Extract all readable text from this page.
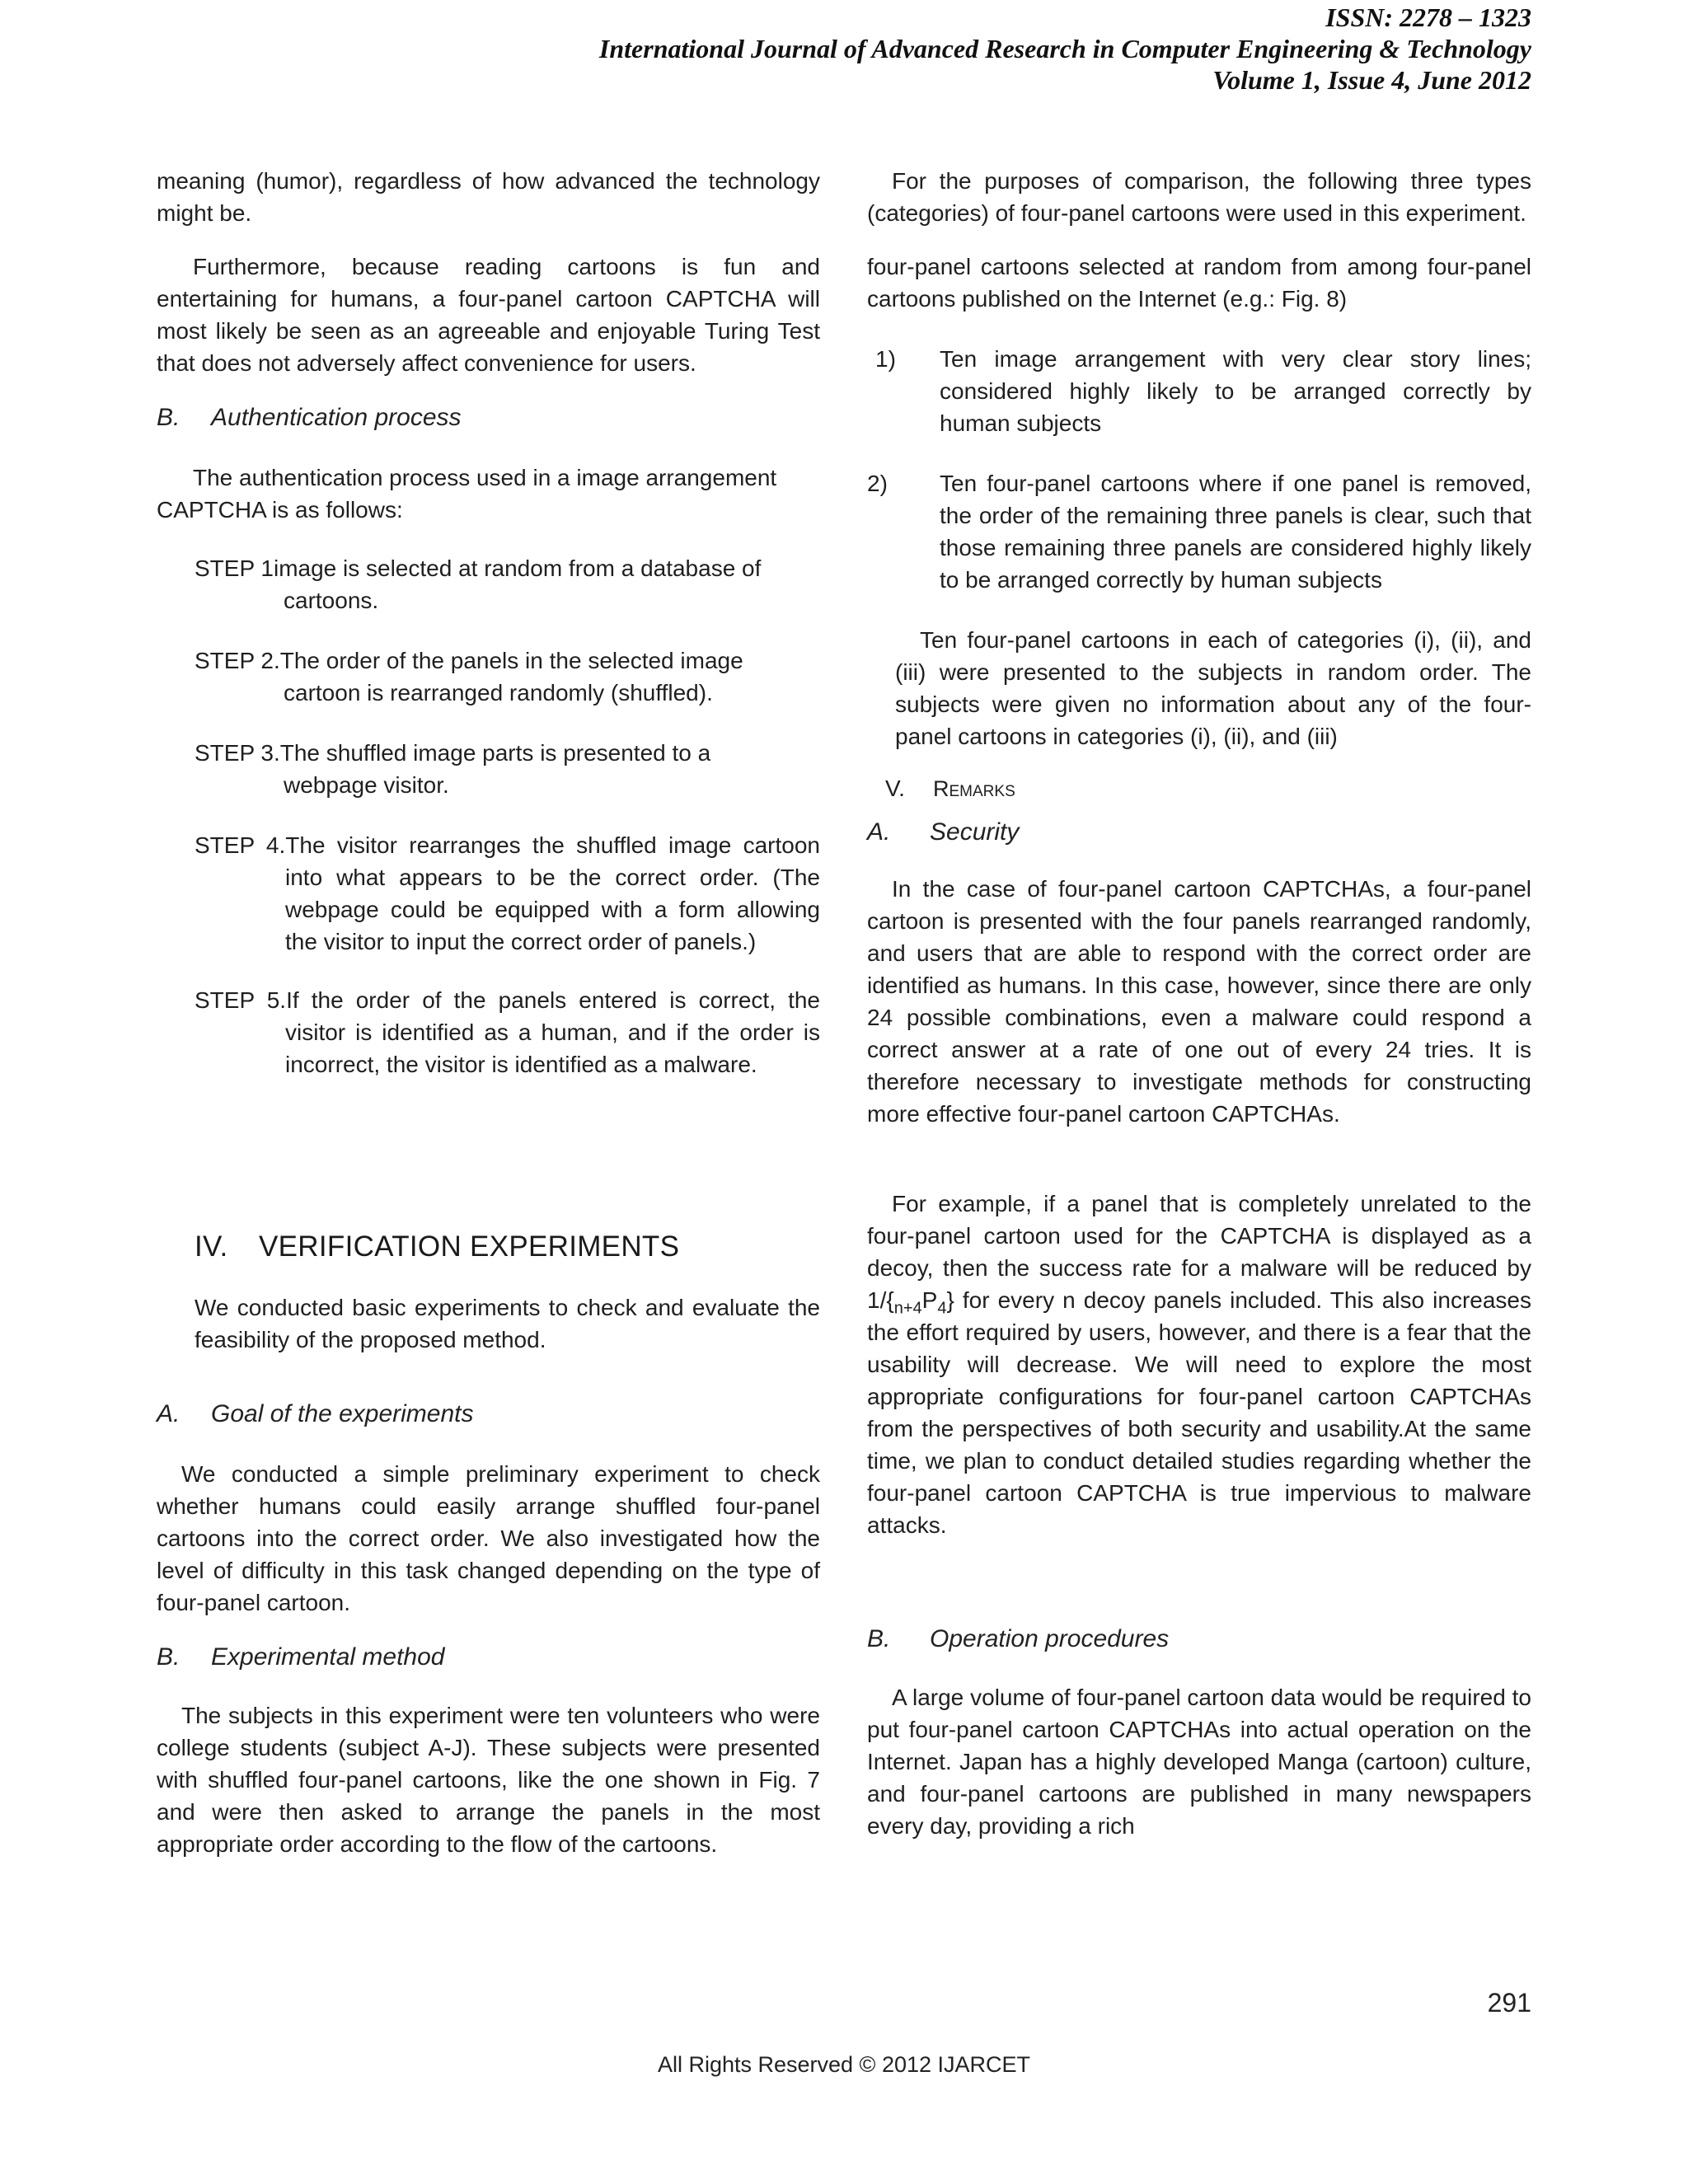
ISSN: 2278 – 1323
International Journal of Advanced Research in Computer Engineering & Technology
Volume 1, Issue 4, June 2012

meaning (humor), regardless of how advanced the technology might be.

Furthermore, because reading cartoons is fun and entertaining for humans, a four-panel cartoon CAPTCHA will most likely be seen as an agreeable and enjoyable Turing Test that does not adversely affect convenience for users.

B. Authentication process
The authentication process used in a image arrangement
CAPTCHA is as follows:
STEP 1image is selected at random from a database of
cartoons.
STEP 2.The order of the panels in the selected image
cartoon is rearranged randomly (shuffled).
STEP 3.The shuffled image parts is presented to a
webpage visitor.
STEP 4.The visitor rearranges the shuffled image cartoon into what appears to be the correct order. (The webpage could be equipped with a form allowing the visitor to input the correct order of panels.)
STEP 5.If the order of the panels entered is correct, the visitor is identified as a human, and if the order is incorrect, the visitor is identified as a malware.
IV. VERIFICATION EXPERIMENTS

We conducted basic experiments to check and evaluate the feasibility of the proposed method.

A. Goal of the experiments

We conducted a simple preliminary experiment to check whether humans could easily arrange shuffled four-panel cartoons into the correct order. We also investigated how the level of difficulty in this task changed depending on the type of four-panel cartoon.

B. Experimental method

The subjects in this experiment were ten volunteers who were college students (subject A-J). These subjects were presented with shuffled four-panel cartoons, like the one shown in Fig. 7 and were then asked to arrange the panels in the most appropriate order according to the flow of the cartoons.

For the purposes of comparison, the following three types (categories) of four-panel cartoons were used in this experiment.

four-panel cartoons selected at random from among four-panel cartoons published on the Internet (e.g.: Fig. 8)

1)	Ten image arrangement with very clear story lines; considered highly likely to be arranged correctly by human subjects
2)	Ten four-panel cartoons where if one panel is removed, the order of the remaining three panels is clear, such that those remaining three panels are considered highly likely to be arranged correctly by human subjects

Ten four-panel cartoons in each of categories (i), (ii), and (iii) were presented to the subjects in random order. The subjects were given no information about any of the four-panel cartoons in categories (i), (ii), and (iii)

V. Remarks
A. Security

In the case of four-panel cartoon CAPTCHAs, a four-panel cartoon is presented with the four panels rearranged randomly, and users that are able to respond with the correct order are identified as humans. In this case, however, since there are only 24 possible combinations, even a malware could respond a correct answer at a rate of one out of every 24 tries. It is therefore necessary to investigate methods for constructing more effective four-panel cartoon CAPTCHAs.

For example, if a panel that is completely unrelated to the four-panel cartoon used for the CAPTCHA is displayed as a decoy, then the success rate for a malware will be reduced by $1/\{_{n+4}P_4\}$ for every n decoy panels included. This also increases the effort required by users, however, and there is a fear that the usability will decrease. We will need to explore the most appropriate configurations for four-panel cartoon CAPTCHAs from the perspectives of both security and usability.At the same time, we plan to conduct detailed studies regarding whether the four-panel cartoon CAPTCHA is true impervious to malware attacks.

B. Operation procedures

A large volume of four-panel cartoon data would be required to put four-panel cartoon CAPTCHAs into actual operation on the Internet. Japan has a highly developed Manga (cartoon) culture, and four-panel cartoons are published in many newspapers every day, providing a rich

291
All Rights Reserved © 2012 IJARCET
